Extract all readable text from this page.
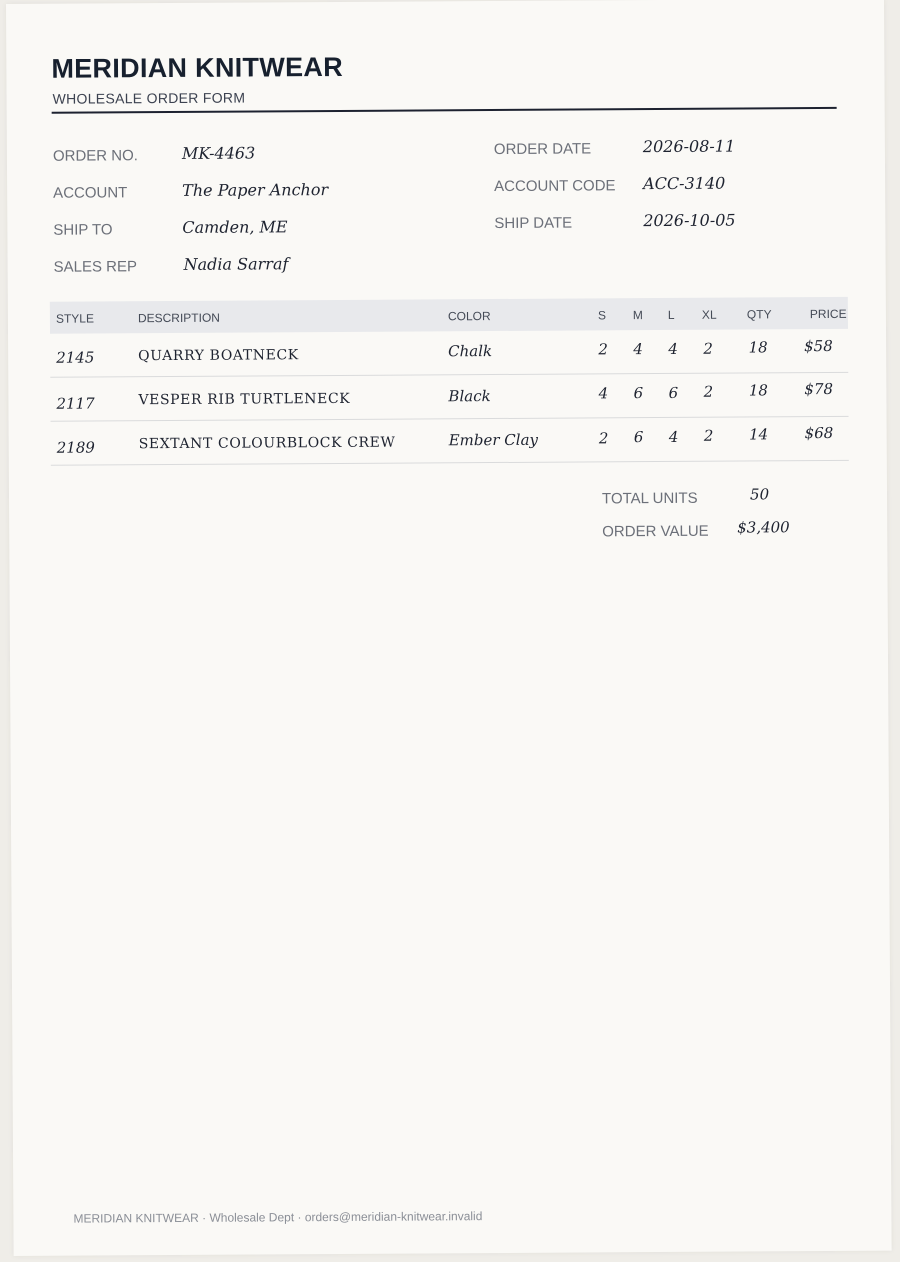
MERIDIAN KNITWEAR
WHOLESALE ORDER FORM
ORDER NO.	MK-4463
ACCOUNT	The Paper Anchor
SHIP TO	Camden, ME
SALES REP	Nadia Sarraf
ORDER DATE	2026-08-11
ACCOUNT CODE ACC-3140
SHIP DATE	2026-10-05
STYLE	DESCRIPTION	COLOR	S M L XL	QTY	PRICE
2145	QUARRY BOATNECK	Chalk	2	4	4	2	18	$58
2117	VESPER RIB TURTLENECK	Black	4	6	6	2	18	$78
2189	SEXTANT COLOURBLOCK CREW	Ember Clay	2	6	4	2	14	$68
TOTAL UNITS	50
ORDER VALUE $3,400
MERIDIAN KNITWEAR · Wholesale Dept · orders@meridian-knitwear.invalid
